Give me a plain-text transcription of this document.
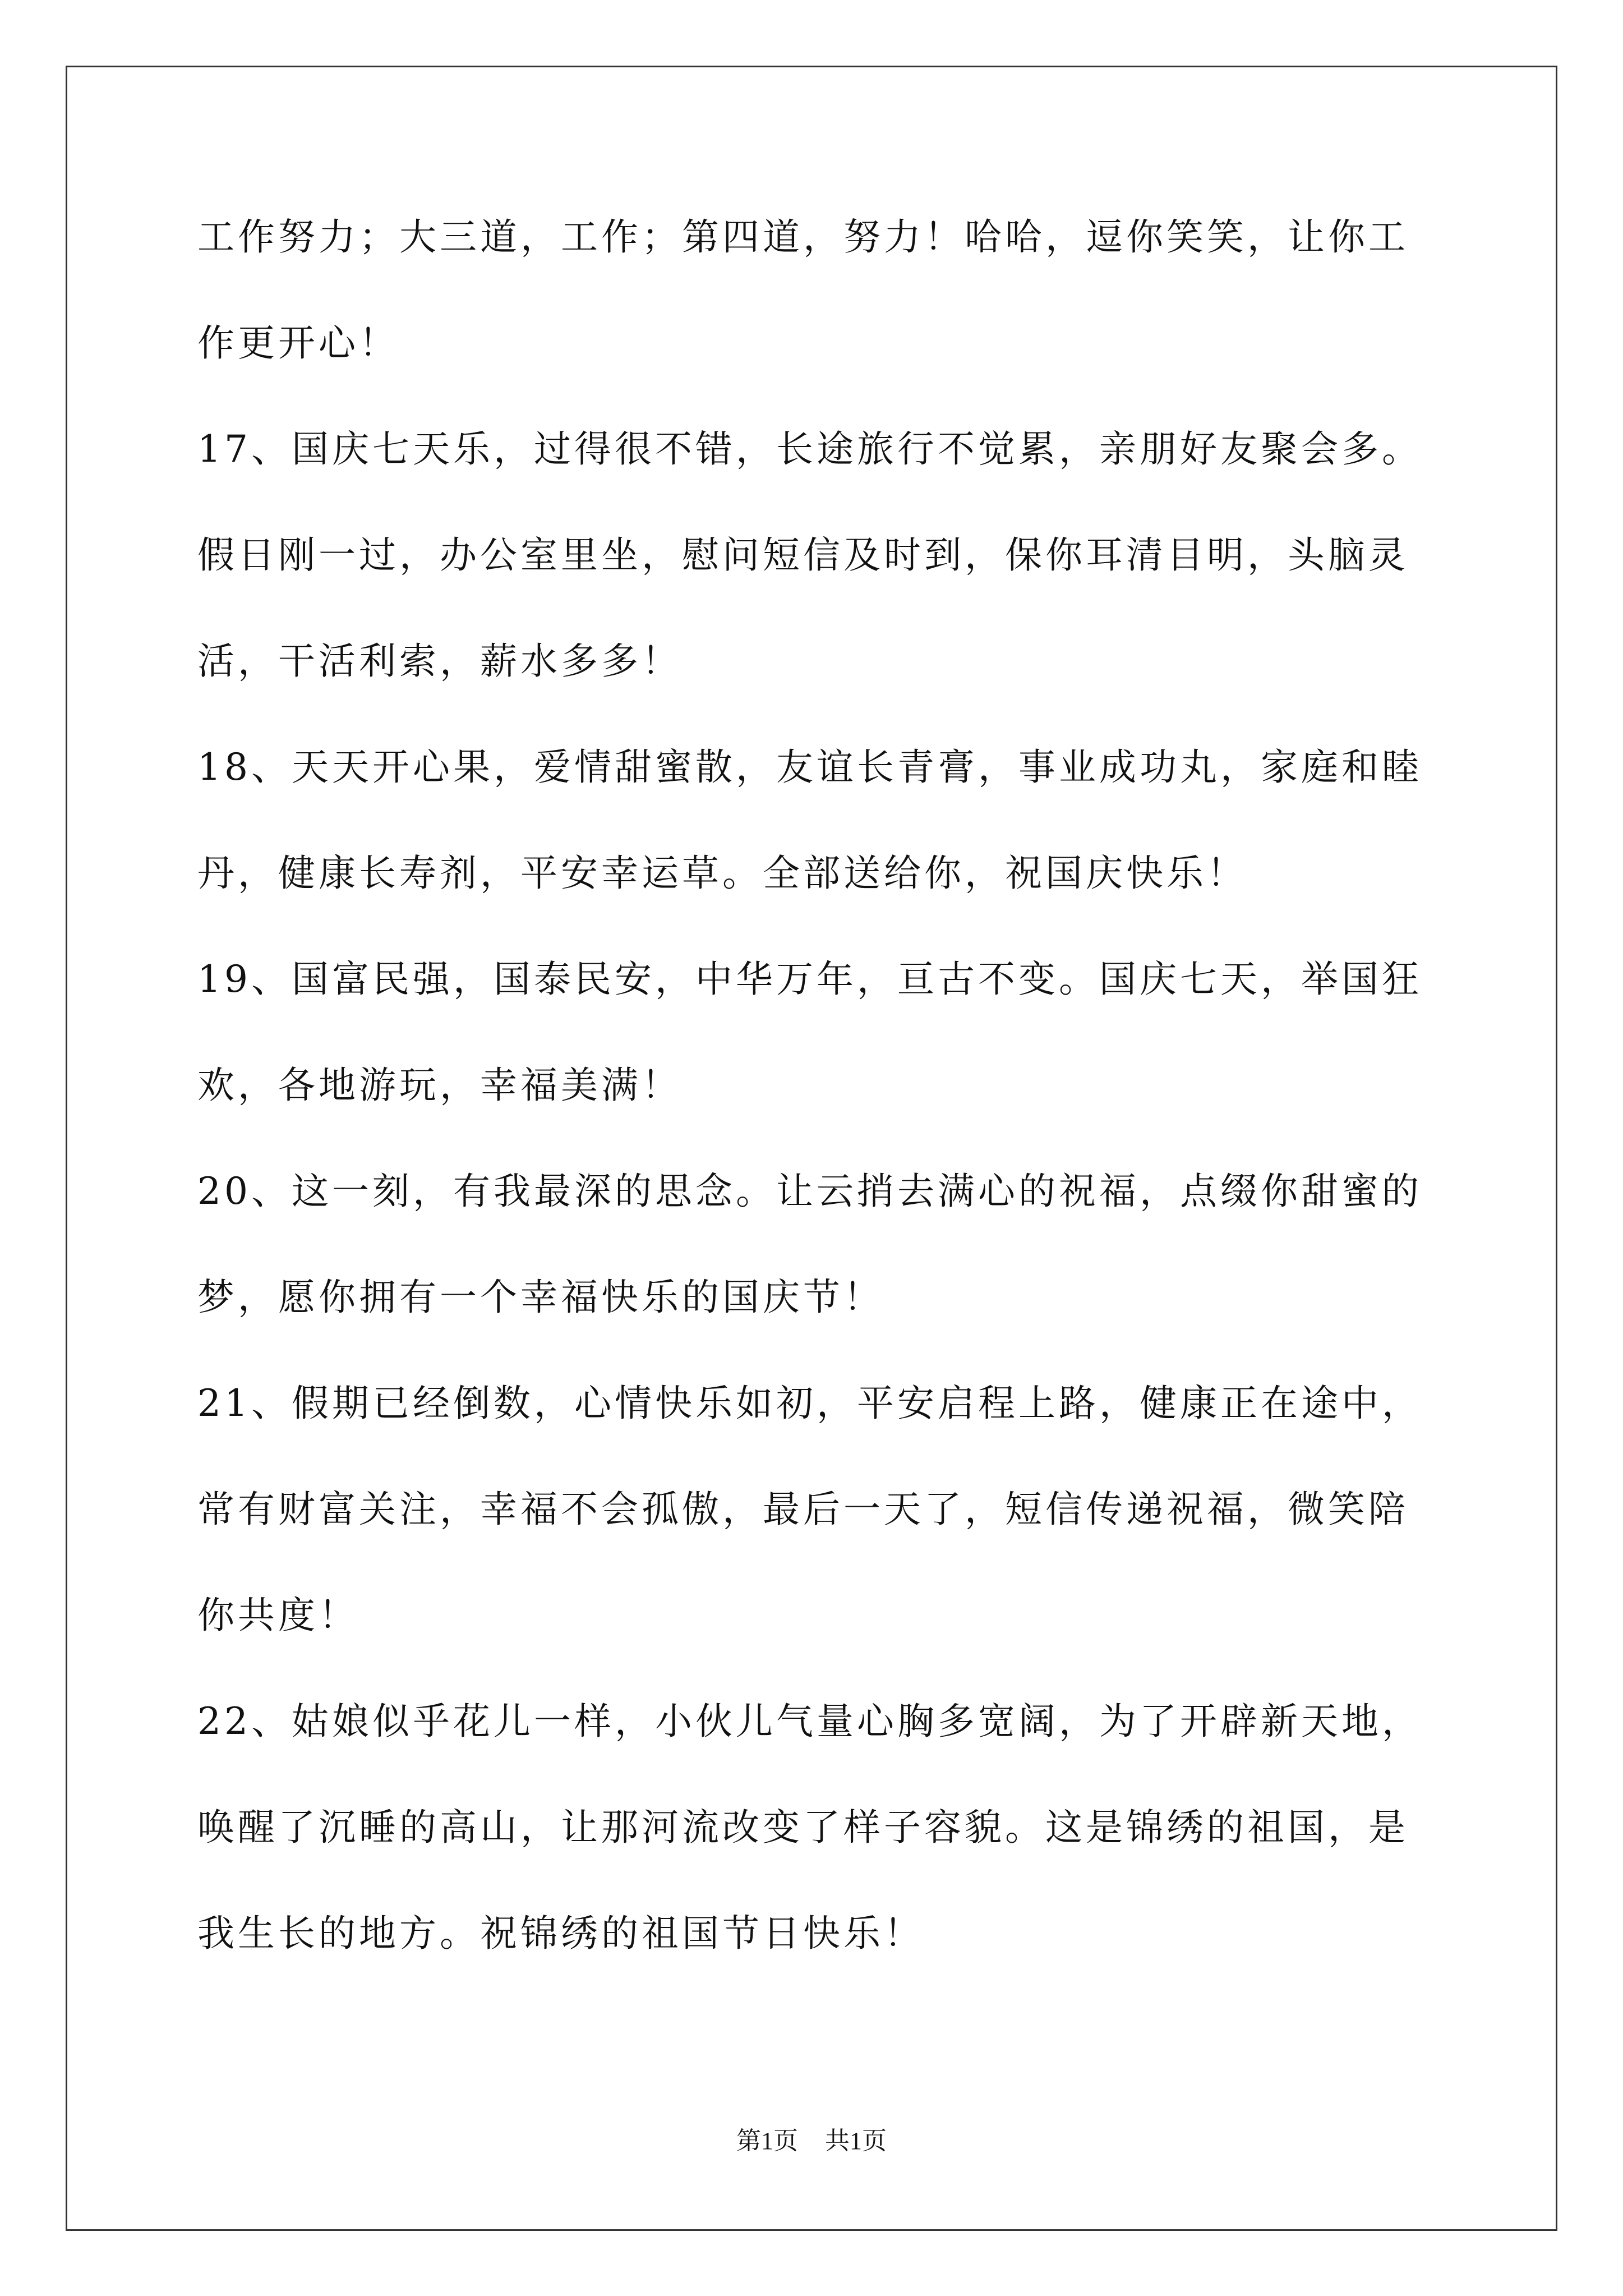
工作努力；大三道，工作；第四道，努力！哈哈，逗你笑笑，让你工
作更开心！
17、国庆七天乐，过得很不错，长途旅行不觉累，亲朋好友聚会多。
假日刚一过，办公室里坐，慰问短信及时到，保你耳清目明，头脑灵
活，干活利索，薪水多多！
18、天天开心果，爱情甜蜜散，友谊长青膏，事业成功丸，家庭和睦
丹，健康长寿剂，平安幸运草。全部送给你，祝国庆快乐！
19、国富民强，国泰民安，中华万年，亘古不变。国庆七天，举国狂
欢，各地游玩，幸福美满！
20、这一刻，有我最深的思念。让云捎去满心的祝福，点缀你甜蜜的
梦，愿你拥有一个幸福快乐的国庆节！
21、假期已经倒数，心情快乐如初，平安启程上路，健康正在途中，
常有财富关注，幸福不会孤傲，最后一天了，短信传递祝福，微笑陪
你共度！
22、姑娘似乎花儿一样，小伙儿气量心胸多宽阔，为了开辟新天地，
唤醒了沉睡的高山，让那河流改变了样子容貌。这是锦绣的祖国，是
我生长的地方。祝锦绣的祖国节日快乐！
第1页 共1页
